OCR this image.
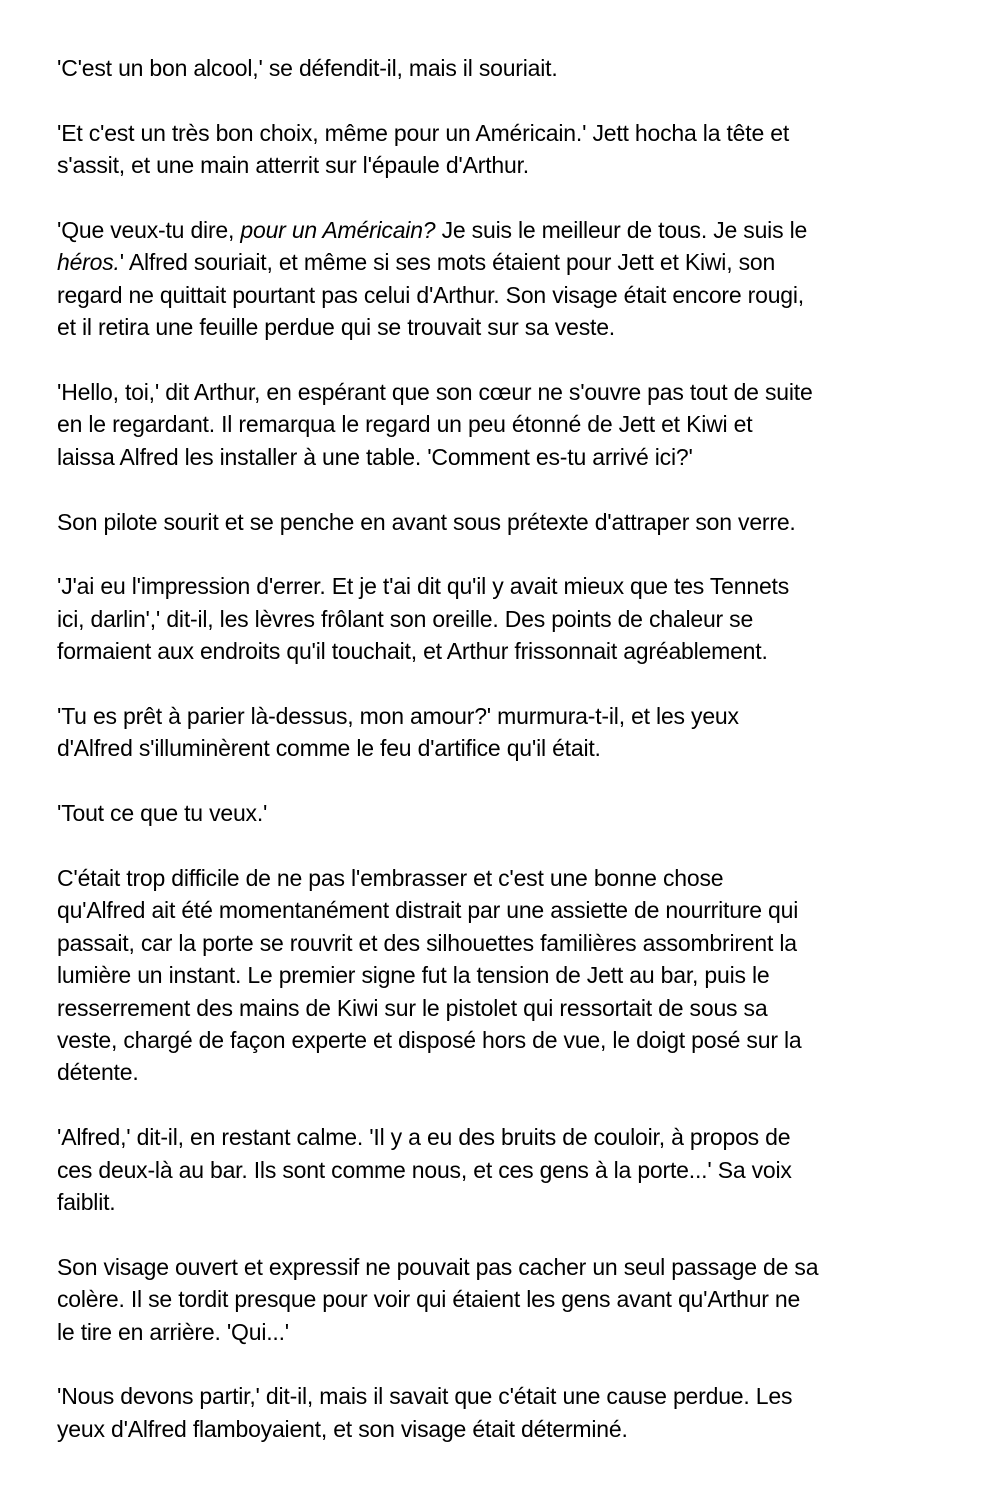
'C'est un bon alcool,' se défendit-il, mais il souriait.

'Et c'est un très bon choix, même pour un Américain.' Jett hocha la tête et
s'assit, et une main atterrit sur l'épaule d'Arthur.

'Que veux-tu dire, pour un Américain? Je suis le meilleur de tous. Je suis le
héros.' Alfred souriait, et même si ses mots étaient pour Jett et Kiwi, son
regard ne quittait pourtant pas celui d'Arthur. Son visage était encore rougi,
et il retira une feuille perdue qui se trouvait sur sa veste.

'Hello, toi,' dit Arthur, en espérant que son cœur ne s'ouvre pas tout de suite
en le regardant. Il remarqua le regard un peu étonné de Jett et Kiwi et
laissa Alfred les installer à une table. 'Comment es-tu arrivé ici?'

Son pilote sourit et se penche en avant sous prétexte d'attraper son verre.

'J'ai eu l'impression d'errer. Et je t'ai dit qu'il y avait mieux que tes Tennets
ici, darlin',' dit-il, les lèvres frôlant son oreille. Des points de chaleur se
formaient aux endroits qu'il touchait, et Arthur frissonnait agréablement.

'Tu es prêt à parier là-dessus, mon amour?' murmura-t-il, et les yeux
d'Alfred s'illuminèrent comme le feu d'artifice qu'il était.

'Tout ce que tu veux.'

C'était trop difficile de ne pas l'embrasser et c'est une bonne chose
qu'Alfred ait été momentanément distrait par une assiette de nourriture qui
passait, car la porte se rouvrit et des silhouettes familières assombrirent la
lumière un instant. Le premier signe fut la tension de Jett au bar, puis le
resserrement des mains de Kiwi sur le pistolet qui ressortait de sous sa
veste, chargé de façon experte et disposé hors de vue, le doigt posé sur la
détente.

'Alfred,' dit-il, en restant calme. 'Il y a eu des bruits de couloir, à propos de
ces deux-là au bar. Ils sont comme nous, et ces gens à la porte...' Sa voix
faiblit.

Son visage ouvert et expressif ne pouvait pas cacher un seul passage de sa
colère. Il se tordit presque pour voir qui étaient les gens avant qu'Arthur ne
le tire en arrière. 'Qui...'

'Nous devons partir,' dit-il, mais il savait que c'était une cause perdue. Les
yeux d'Alfred flamboyaient, et son visage était déterminé.
